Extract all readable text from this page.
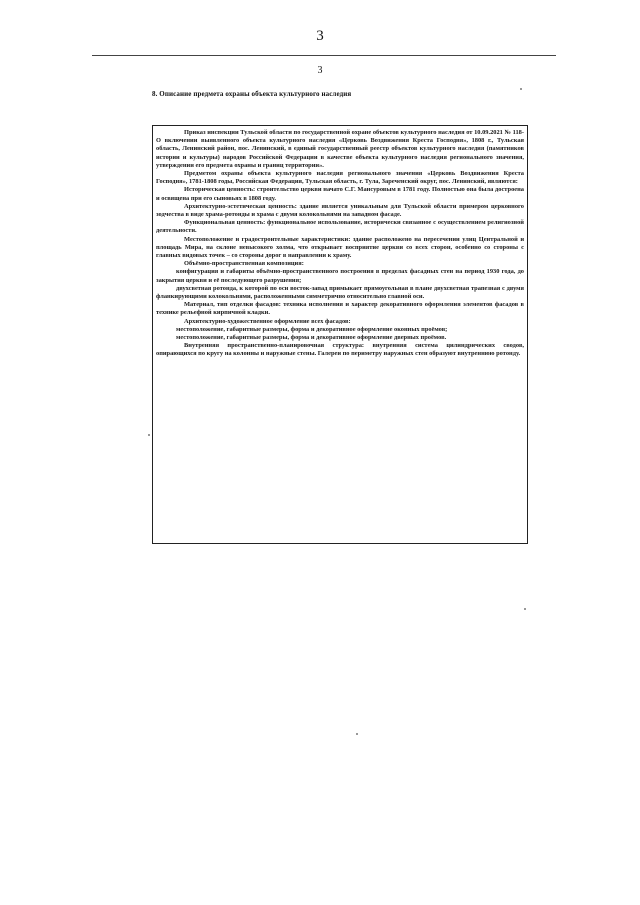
3
3
8. Описание предмета охраны объекта культурного наследия

Приказ инспекции Тульской области по государственной охране объектов культурного наследия от 10.09.2021 № 118-О включении выявленного объекта культурного наследия «Церковь Воздвижения Креста Господня», 1808 г., Тульская область, Ленинский район, пос. Ленинский, в единый государственный реестр объектов культурного наследия (памятников истории и культуры) народов Российской Федерации в качестве объекта культурного наследия регионального значения, утверждении его предмета охраны и границ территории».

Предметом охраны объекта культурного наследия регионального значения «Церковь Воздвижения Креста Господня», 1781-1808 годы, Российская Федерация, Тульская область, г. Тула, Зареченский округ, пос. Ленинский, являются:

Историческая ценность: строительство церкви начато С.Г. Мансуровым в 1781 году. Полностью она была достроена и освящена при его сыновьях в 1808 году.

Архитектурно-эстетическая ценность: здание является уникальным для Тульской области примером церковного зодчества в виде храма-ротонды и храма с двумя колокольнями на западном фасаде.

Функциональная ценность: функциональное использование, исторически связанное с осуществлением религиозной деятельности.

Местоположение и градостроительные характеристики: здание расположено на пересечении улиц Центральной и площадь Мира, на склоне невысокого холма, что открывает восприятие церкви со всех сторон, особенно со стороны с главных видовых точек – со стороны дорог в направлении к храму.

Объёмно-пространственная композиция:

конфигурация и габариты объёмно-пространственного построения в пределах фасадных стен на период 1930 года, до закрытия церкви и её последующего разрушения;

двухсветная ротонда, к которой по оси восток-запад примыкает прямоугольная в плане двухсветная трапезная с двумя фланкирующими колокольнями, расположенными симметрично относительно главной оси.

Материал, тип отделки фасадов: техника исполнения и характер декоративного оформления элементов фасадов в технике рельефной кирпичной кладки.

Архитектурно-художественное оформление всех фасадов:

местоположение, габаритные размеры, форма и декоративное оформление оконных проёмов;

местоположение, габаритные размеры, форма и декоративное оформление дверных проёмов.

Внутренняя пространственно-планировочная структура: внутренняя система цилиндрических сводов, опирающихся по кругу на колонны и наружные стены. Галереи по периметру наружных стен образуют внутреннюю ротонду.
